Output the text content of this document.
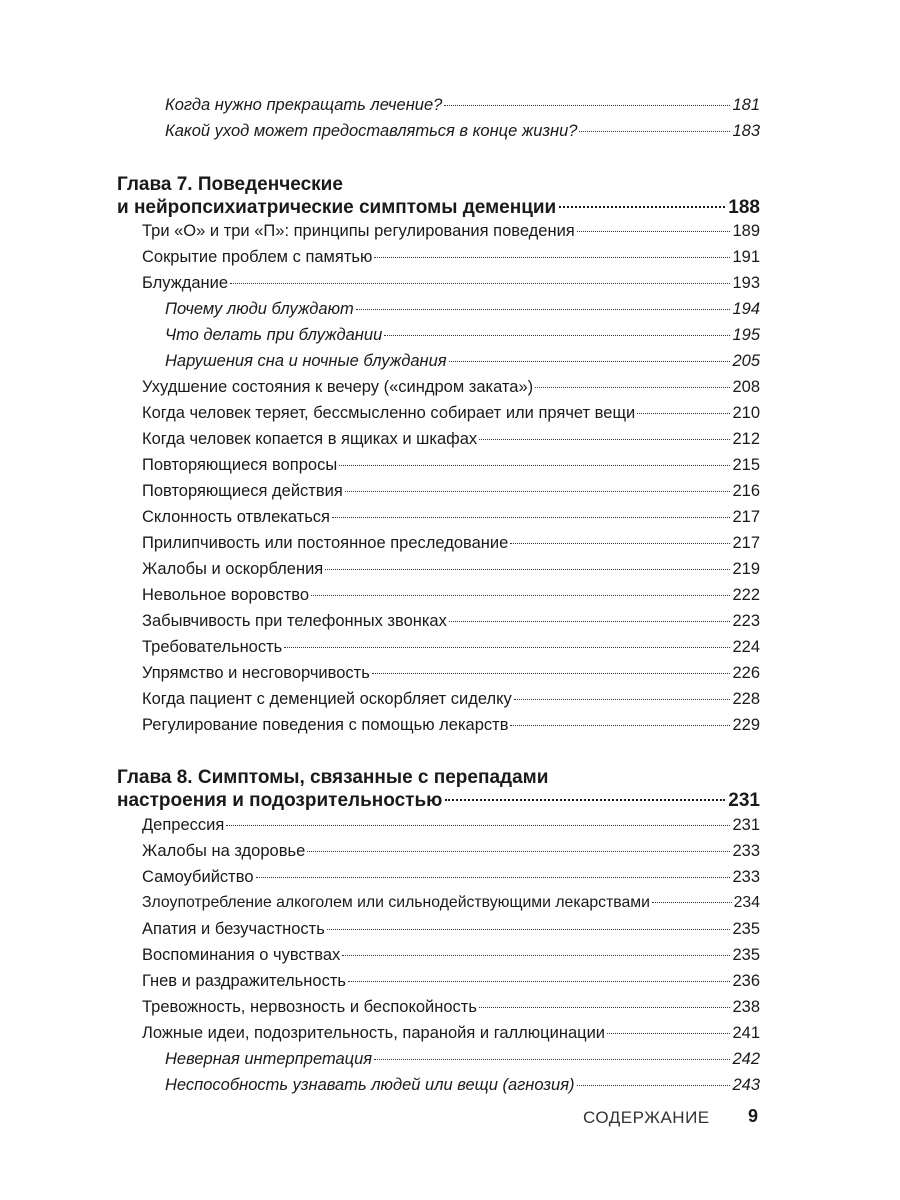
Когда нужно прекращать лечение?	181
Какой уход может предоставляться в конце жизни?	183
Глава 7. Поведенческие
и нейропсихиатрические симптомы деменции	188
Три «О» и три «П»: принципы регулирования поведения	189
Сокрытие проблем с памятью	191
Блуждание	193
Почему люди блуждают	194
Что делать при блуждании	195
Нарушения сна и ночные блуждания	205
Ухудшение состояния к вечеру («синдром заката»)	208
Когда человек теряет, бессмысленно собирает или прячет вещи	210
Когда человек копается в ящиках и шкафах	212
Повторяющиеся вопросы	215
Повторяющиеся действия	216
Склонность отвлекаться	217
Прилипчивость или постоянное преследование	217
Жалобы и оскорбления	219
Невольное воровство	222
Забывчивость при телефонных звонках	223
Требовательность	224
Упрямство и несговорчивость	226
Когда пациент с деменцией оскорбляет сиделку	228
Регулирование поведения с помощью лекарств	229
Глава 8. Симптомы, связанные с перепадами
настроения и подозрительностью	231
Депрессия	231
Жалобы на здоровье	233
Самоубийство	233
Злоупотребление алкоголем или сильнодействующими лекарствами	234
Апатия и безучастность	235
Воспоминания о чувствах	235
Гнев и раздражительность	236
Тревожность, нервозность и беспокойность	238
Ложные идеи, подозрительность, паранойя и галлюцинации	241
Неверная интерпретация	242
Неспособность узнавать людей или вещи (агнозия)	243
СОДЕРЖАНИЕ 9
